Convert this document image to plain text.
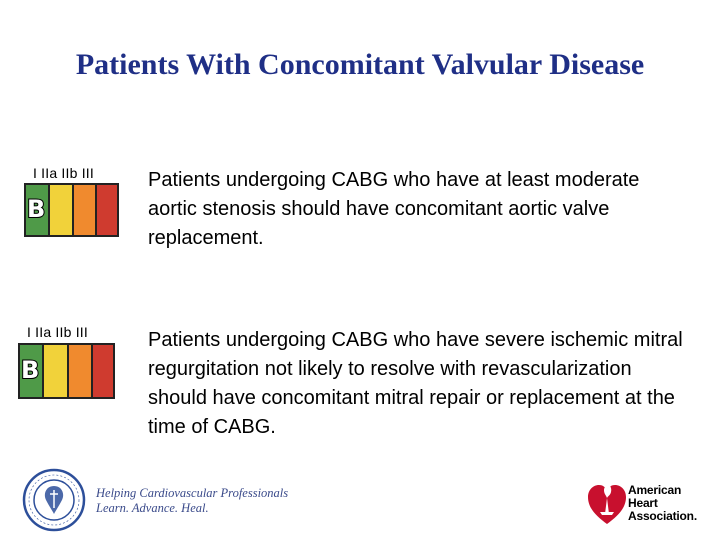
Patients With Concomitant Valvular Disease
I IIa IIb III
B
Patients undergoing CABG who have at least moderate aortic stenosis should have concomitant aortic valve replacement.
I IIa IIb III
B
Patients undergoing CABG who have severe ischemic mitral regurgitation not likely to resolve with revascularization should have concomitant mitral repair or replacement at the time of CABG.
Helping Cardiovascular Professionals
Learn. Advance. Heal.
American
Heart
Association.
